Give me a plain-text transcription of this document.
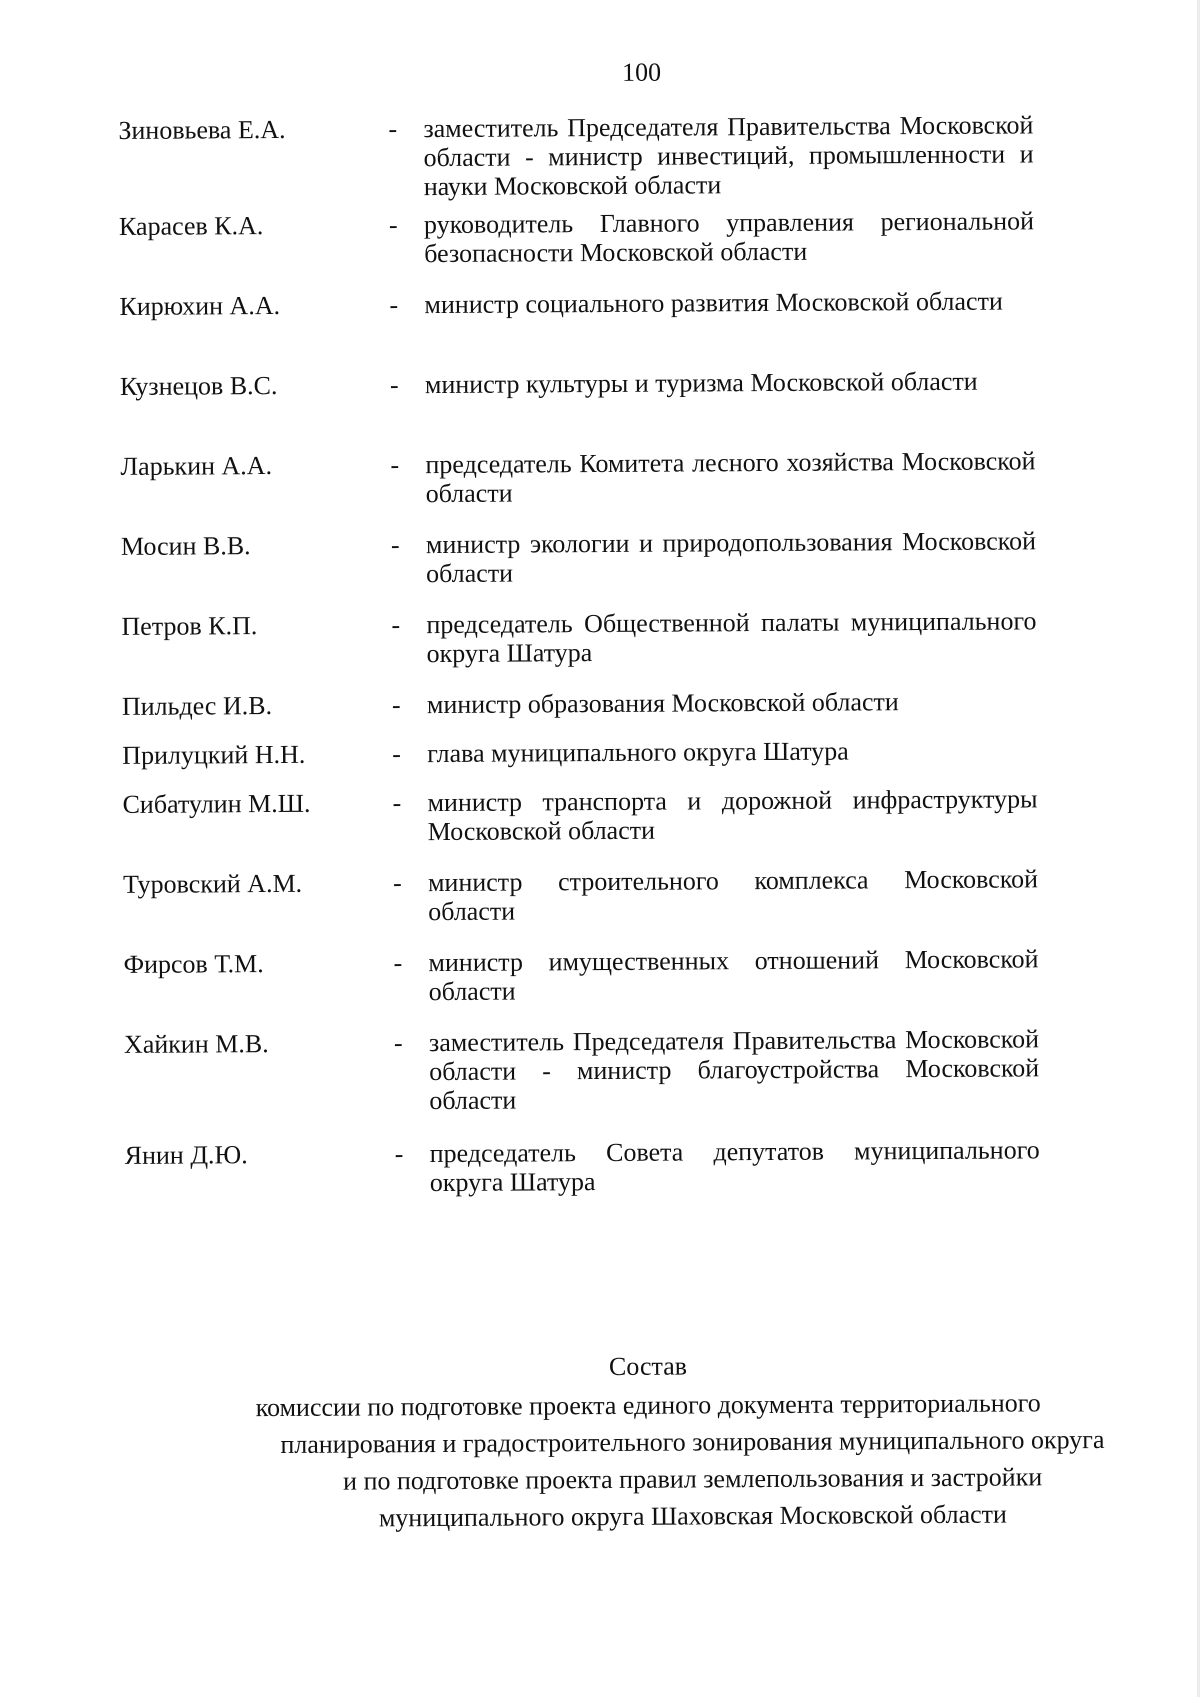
100
Зиновьева Е.А.	- заместитель Председателя Правительства Московской области - министр инвестиций, промышленности и науки Московской области
Карасев К.А.	- руководитель Главного управления региональной безопасности Московской области
Кирюхин А.А.	- министр социального развития Московской области
Кузнецов В.С.	- министр культуры и туризма Московской области
Ларькин А.А.	- председатель Комитета лесного хозяйства Московской области
Мосин В.В.	- министр экологии и природопользования Московской области
Петров К.П.	- председатель Общественной палаты муниципального округа Шатура
Пильдес И.В.	- министр образования Московской области
Прилуцкий Н.Н.	- глава муниципального округа Шатура
Сибатулин М.Ш.	- министр транспорта и дорожной инфраструктуры Московской области
Туровский А.М.	- министр строительного комплекса Московской области
Фирсов Т.М.	- министр имущественных отношений Московской области
Хайкин М.В.	- заместитель Председателя Правительства Московской области - министр благоустройства Московской области
Янин Д.Ю.	- председатель Совета депутатов муниципального округа Шатура
Состав
комиссии по подготовке проекта единого документа территориального
планирования и градостроительного зонирования муниципального округа
и по подготовке проекта правил землепользования и застройки
муниципального округа Шаховская Московской области
